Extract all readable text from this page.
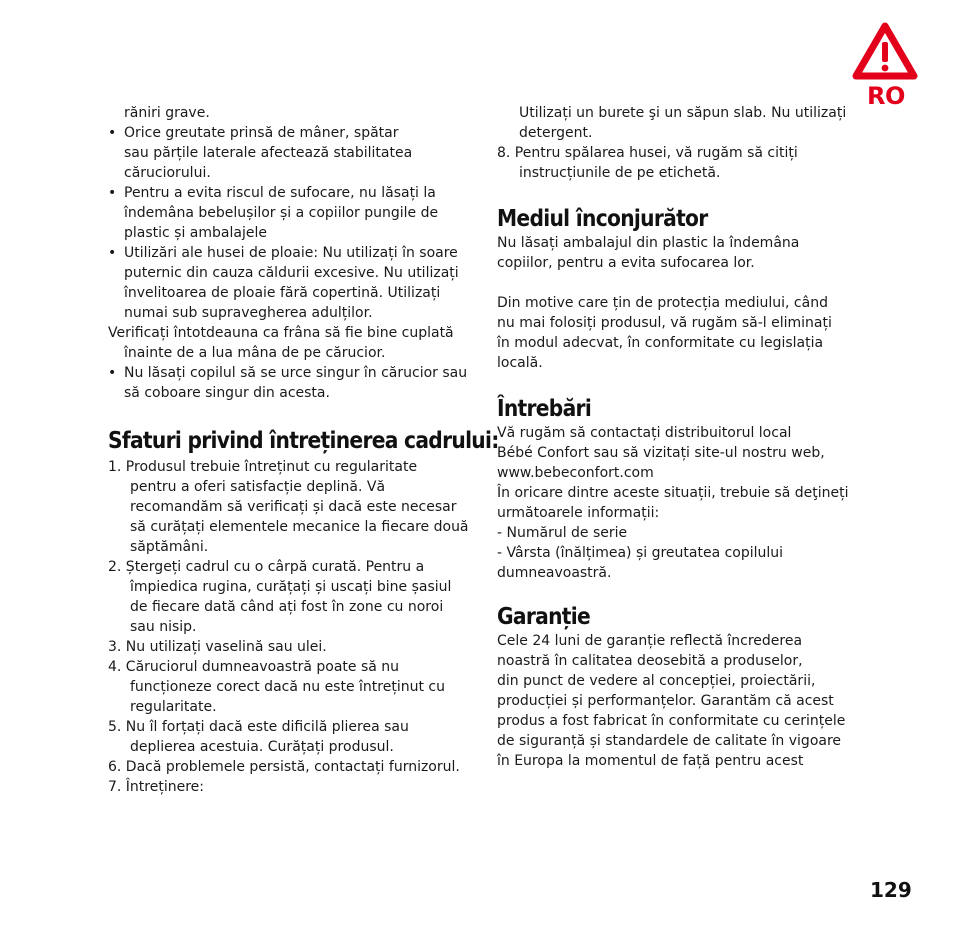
RO
răniri grave.
• Orice greutate prinsă de mâner, spătar
sau părțile laterale afectează stabilitatea
căruciorului.
• Pentru a evita riscul de sufocare, nu lăsați la
îndemâna bebelușilor și a copiilor pungile de
plastic și ambalajele
• Utilizări ale husei de ploaie: Nu utilizați în soare
puternic din cauza căldurii excesive. Nu utilizați
învelitoarea de ploaie fără copertină. Utilizați
numai sub supravegherea adulților.
Verificați întotdeauna ca frâna să fie bine cuplată
înainte de a lua mâna de pe cărucior.
• Nu lăsați copilul să se urce singur în cărucior sau
să coboare singur din acesta.
Sfaturi privind întreținerea cadrului:
1. Produsul trebuie întreținut cu regularitate
pentru a oferi satisfacție deplină. Vă
recomandăm să verificați și dacă este necesar
să curățați elementele mecanice la fiecare două
săptămâni.
2. Ștergeți cadrul cu o cârpă curată. Pentru a
împiedica rugina, curățați și uscați bine șasiul
de fiecare dată când ați fost în zone cu noroi
sau nisip.
3. Nu utilizați vaselină sau ulei.
4. Căruciorul dumneavoastră poate să nu
funcționeze corect dacă nu este întreținut cu
regularitate.
5. Nu îl forțați dacă este dificilă plierea sau
deplierea acestuia. Curățați produsul.
6. Dacă problemele persistă, contactați furnizorul.
7. Întreținere:
Utilizați un burete şi un săpun slab. Nu utilizați
detergent.
8. Pentru spălarea husei, vă rugăm să citiți
instrucțiunile de pe etichetă.
Mediul înconjurător
Nu lăsați ambalajul din plastic la îndemâna
copiilor, pentru a evita sufocarea lor.
Din motive care țin de protecția mediului, când
nu mai folosiți produsul, vă rugăm să-l eliminați
în modul adecvat, în conformitate cu legislația
locală.
Întrebări
Vă rugăm să contactați distribuitorul local
Bébé Confort sau să vizitați site-ul nostru web,
www.bebeconfort.com
În oricare dintre aceste situații, trebuie să deţineți
următoarele informații:
- Numărul de serie
- Vârsta (înălțimea) și greutatea copilului
dumneavoastră.
Garanție
Cele 24 luni de garanție reflectă încrederea
noastră în calitatea deosebită a produselor,
din punct de vedere al concepției, proiectării,
producției și performanțelor. Garantăm că acest
produs a fost fabricat în conformitate cu cerințele
de siguranță și standardele de calitate în vigoare
în Europa la momentul de față pentru acest
129
